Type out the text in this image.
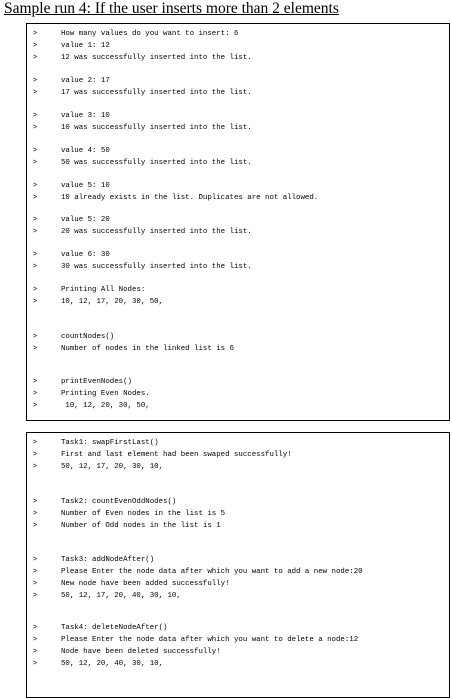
Sample run 4: If the user inserts more than 2 elements
>	How many values do you want to insert: 6
>	value 1: 12
>	12 was successfully inserted into the list.
>	value 2: 17
>	17 was successfully inserted into the list.
>	value 3: 10
>	10 was successfully inserted into the list.
>	value 4: 50
>	50 was successfully inserted into the list.
>	value 5: 10
>	10 already exists in the list. Duplicates are not allowed.
>	value 5: 20
>	20 was successfully inserted into the list.
>	value 6: 30
>	30 was successfully inserted into the list.
>	Printing All Nodes:
>	10, 12, 17, 20, 30, 50,
>	countNodes()
>	Number of nodes in the linked list is 6
>	printEvenNodes()
>	Printing Even Nodes.
>	10, 12, 20, 30, 50,
>	Task1: swapFirstLast()
>	First and last element had been swaped successfully!
>	50, 12, 17, 20, 30, 10,
>	Task2: countEvenOddNodes()
>	Number of Even nodes in the list is 5
>	Number of Odd nodes in the list is 1
>	Task3: addNodeAfter()
>	Please Enter the node data after which you want to add a new node:20
>	New node have been added successfully!
>	50, 12, 17, 20, 40, 30, 10,
>	Task4: deleteNodeAfter()
>	Please Enter the node data after which you want to delete a node:12
>	Node have been deleted successfully!
>	50, 12, 20, 40, 30, 10,
